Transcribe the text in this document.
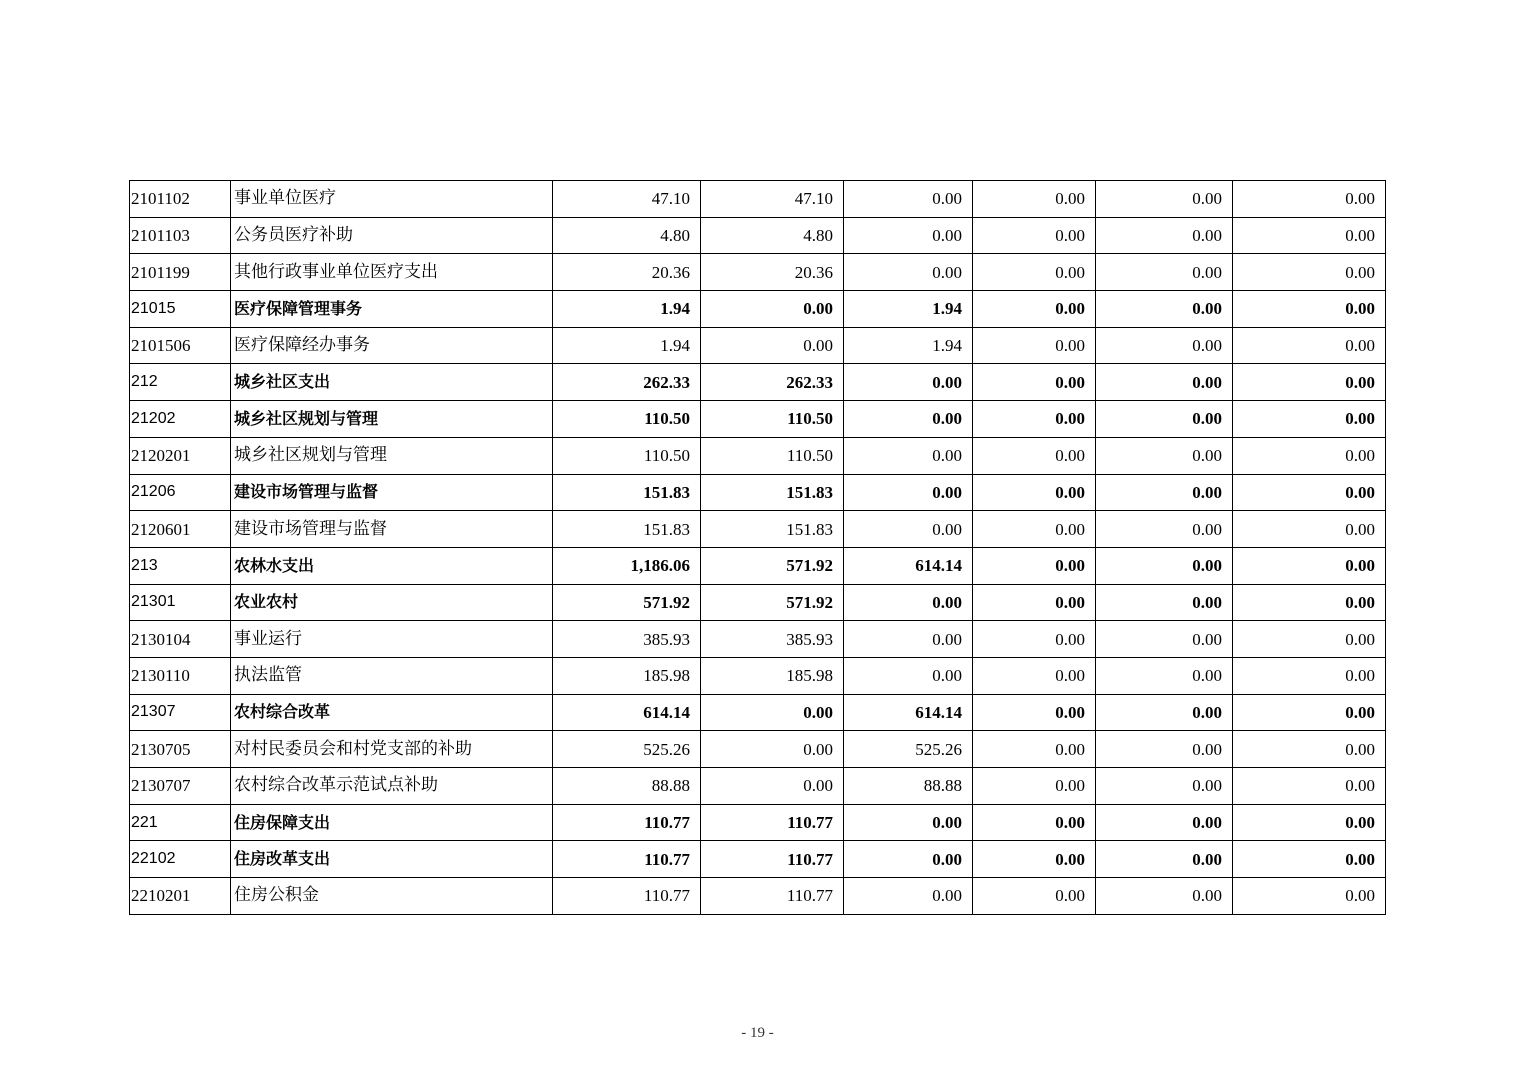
2101102	事业单位医疗	47.10	47.10	0.00	0.00	0.00	0.00
2101103	公务员医疗补助	4.80	4.80	0.00	0.00	0.00	0.00
2101199	其他行政事业单位医疗支出	20.36	20.36	0.00	0.00	0.00	0.00
21015	医疗保障管理事务	1.94	0.00	1.94	0.00	0.00	0.00
2101506	医疗保障经办事务	1.94	0.00	1.94	0.00	0.00	0.00
212	城乡社区支出	262.33	262.33	0.00	0.00	0.00	0.00
21202	城乡社区规划与管理	110.50	110.50	0.00	0.00	0.00	0.00
2120201	城乡社区规划与管理	110.50	110.50	0.00	0.00	0.00	0.00
21206	建设市场管理与监督	151.83	151.83	0.00	0.00	0.00	0.00
2120601	建设市场管理与监督	151.83	151.83	0.00	0.00	0.00	0.00
213	农林水支出	1,186.06	571.92	614.14	0.00	0.00	0.00
21301	农业农村	571.92	571.92	0.00	0.00	0.00	0.00
2130104	事业运行	385.93	385.93	0.00	0.00	0.00	0.00
2130110	执法监管	185.98	185.98	0.00	0.00	0.00	0.00
21307	农村综合改革	614.14	0.00	614.14	0.00	0.00	0.00
2130705	对村民委员会和村党支部的补助	525.26	0.00	525.26	0.00	0.00	0.00
2130707	农村综合改革示范试点补助	88.88	0.00	88.88	0.00	0.00	0.00
221	住房保障支出	110.77	110.77	0.00	0.00	0.00	0.00
22102	住房改革支出	110.77	110.77	0.00	0.00	0.00	0.00
2210201	住房公积金	110.77	110.77	0.00	0.00	0.00	0.00
- 19 -
